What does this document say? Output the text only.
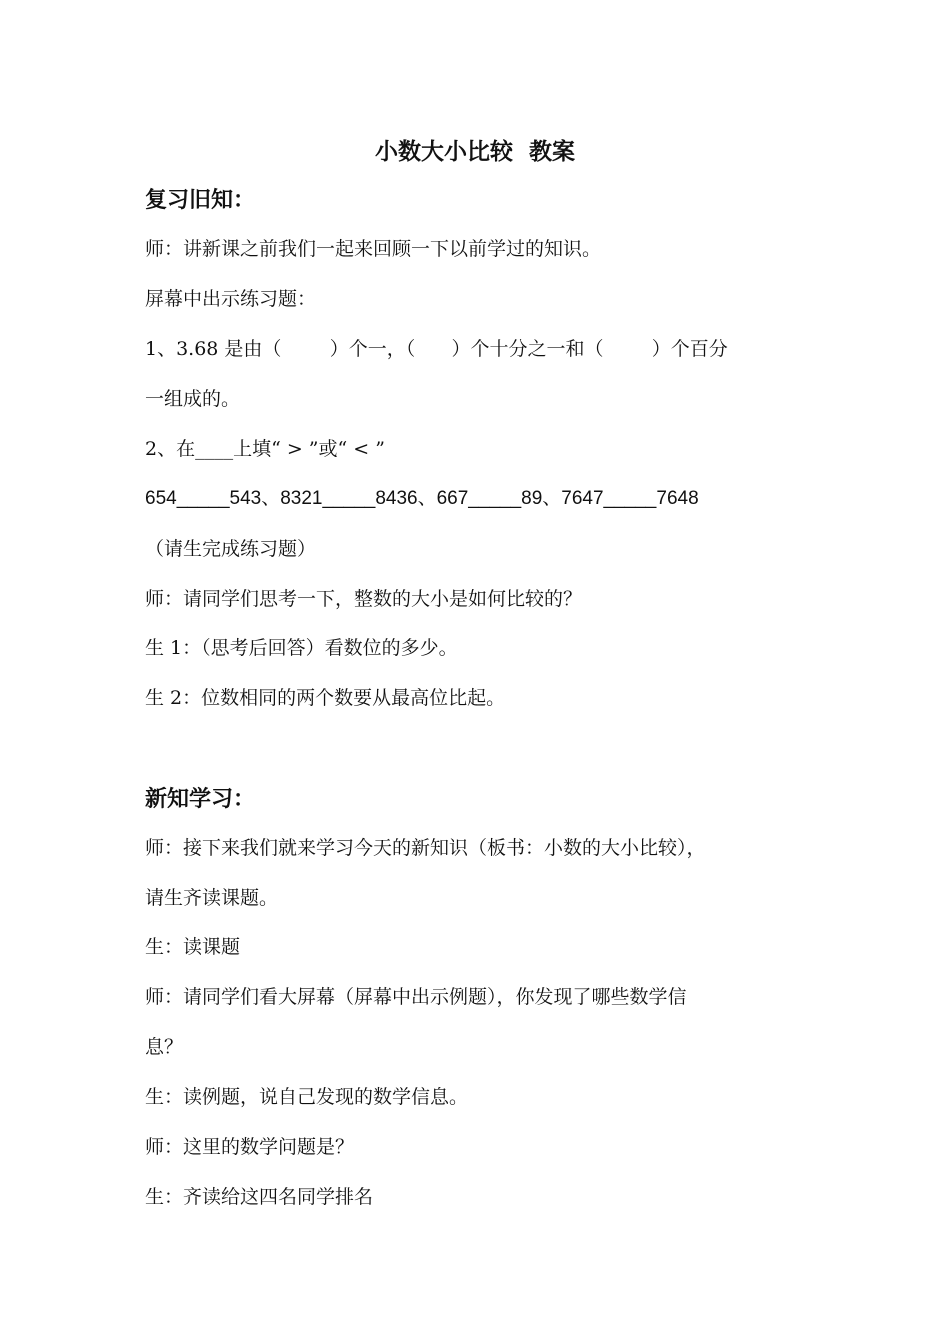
小数大小比较  教案
复习旧知：
师：讲新课之前我们一起来回顾一下以前学过的知识。
屏幕中出示练习题：
1、3.68 是由（        ）个一，（      ）个十分之一和（        ）个百分
一组成的。
2、在____上填“ > ”或“ < ”
654_____543、8321_____8436、667_____89、7647_____7648
（请生完成练习题）
师：请同学们思考一下，整数的大小是如何比较的？
生 1：（思考后回答）看数位的多少。
生 2：位数相同的两个数要从最高位比起。
新知学习：
师：接下来我们就来学习今天的新知识（板书：小数的大小比较），
请生齐读课题。
生：读课题
师：请同学们看大屏幕（屏幕中出示例题），你发现了哪些数学信
息？
生：读例题，说自己发现的数学信息。
师：这里的数学问题是？
生：齐读给这四名同学排名
